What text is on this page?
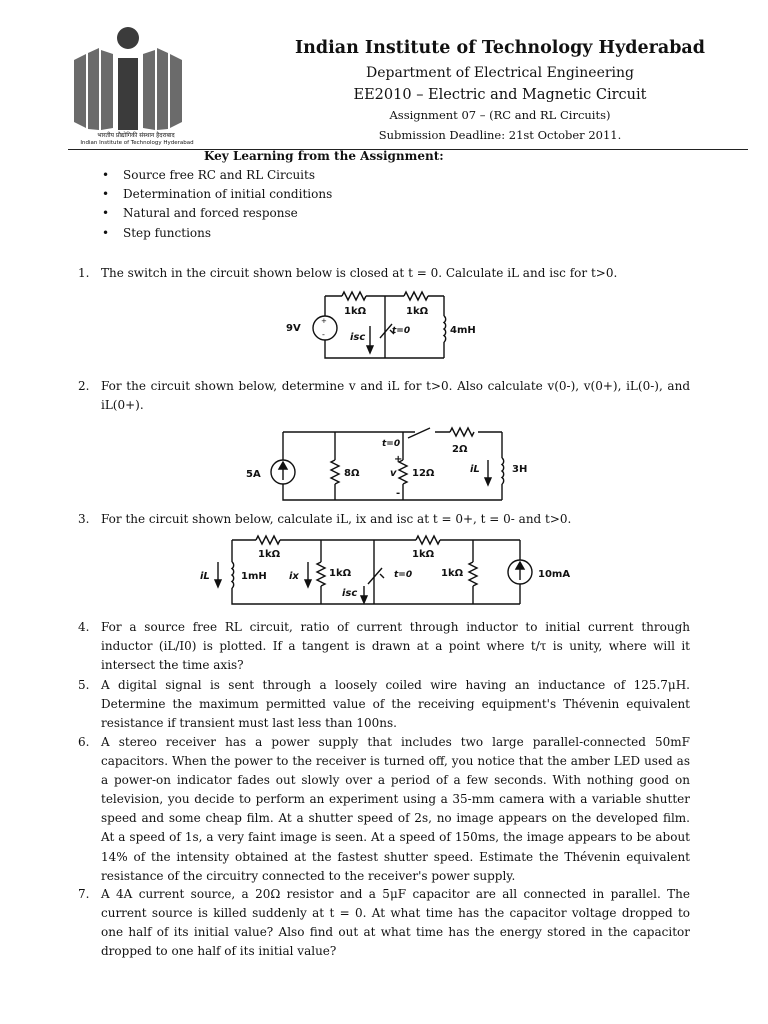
भारतीय प्रौद्योगिकी संस्थान हैदराबाद
Indian Institute of Technology Hyderabad
Indian Institute of Technology Hyderabad
Department of Electrical Engineering
EE2010 – Electric and Magnetic Circuit
Assignment 07 – (RC and RL Circuits)
Submission Deadline: 21st October 2011.
Key Learning from the Assignment:
• Source free RC and RL Circuits
• Determination of initial conditions
• Natural and forced response
• Step functions
1. The switch in the circuit shown below is closed at t = 0. Calculate iL and isc for t>0.
2. For the circuit shown below, determine v and iL for t>0. Also calculate v(0-), v(0+), iL(0-), and iL(0+).
3. For the circuit shown below, calculate iL, ix and isc at t = 0+, t = 0- and t>0.
4. For a source free RL circuit, ratio of current through inductor to initial current through inductor (iL/I0) is plotted. If a tangent is drawn at a point where t/τ is unity, where will it intersect the time axis?
5. A digital signal is sent through a loosely coiled wire having an inductance of 125.7μH. Determine the maximum permitted value of the receiving equipment's Thévenin equivalent resistance if transient must last less than 100ns.
6. A stereo receiver has a power supply that includes two large parallel-connected 50mF capacitors. When the power to the receiver is turned off, you notice that the amber LED used as a power-on indicator fades out slowly over a period of a few seconds. With nothing good on television, you decide to perform an experiment using a 35-mm camera with a variable shutter speed and some cheap film. At a shutter speed of 2s, no image appears on the developed film. At a speed of 1s, a very faint image is seen. At a speed of 150ms, the image appears to be about 14% of the intensity obtained at the fastest shutter speed. Estimate the Thévenin equivalent resistance of the circuitry connected to the receiver's power supply.
7. A 4A current source, a 20Ω resistor and a 5μF capacitor are all connected in parallel. The current source is killed suddenly at t = 0. At what time has the capacitor voltage dropped to one half of its initial value? Also find out at what time has the energy stored in the capacitor dropped to one half of its initial value?
+
-
9V
1kΩ	1kΩ
4mH
t=0
isc
5A	8Ω	12Ω
2Ω
3H
t=0
v
+
-
iL
iL	1mH
1kΩ
ix	1kΩ
isc
t=0
1kΩ
1kΩ	10mA
